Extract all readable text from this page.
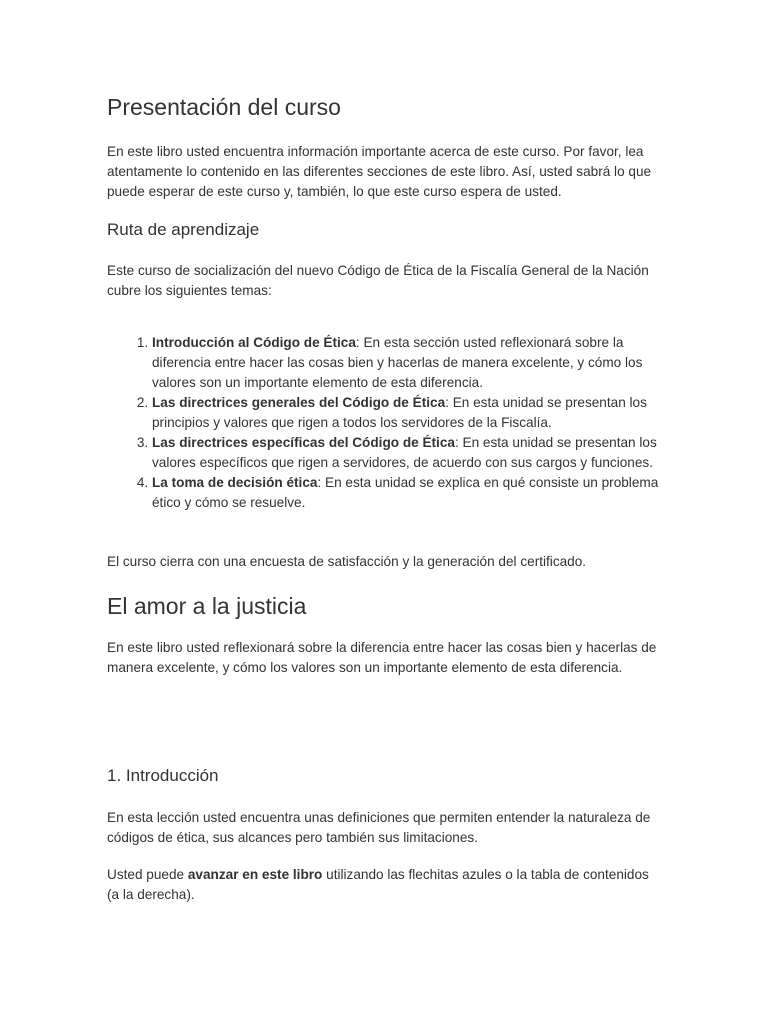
Presentación del curso

En este libro usted encuentra información importante acerca de este curso. Por favor, lea atentamente lo contenido en las diferentes secciones de este libro. Así, usted sabrá lo que puede esperar de este curso y, también, lo que este curso espera de usted.

Ruta de aprendizaje

Este curso de socialización del nuevo Código de Ética de la Fiscalía General de la Nación cubre los siguientes temas:

1. Introducción al Código de Ética: En esta sección usted reflexionará sobre la diferencia entre hacer las cosas bien y hacerlas de manera excelente, y cómo los valores son un importante elemento de esta diferencia.
2. Las directrices generales del Código de Ética: En esta unidad se presentan los principios y valores que rigen a todos los servidores de la Fiscalía.
3. Las directrices específicas del Código de Ética: En esta unidad se presentan los valores específicos que rigen a servidores, de acuerdo con sus cargos y funciones.
4. La toma de decisión ética: En esta unidad se explica en qué consiste un problema ético y cómo se resuelve.

El curso cierra con una encuesta de satisfacción y la generación del certificado.

El amor a la justicia

En este libro usted reflexionará sobre la diferencia entre hacer las cosas bien y hacerlas de manera excelente, y cómo los valores son un importante elemento de esta diferencia.

1. Introducción

En esta lección usted encuentra unas definiciones que permiten entender la naturaleza de códigos de ética, sus alcances pero también sus limitaciones.

Usted puede avanzar en este libro utilizando las flechitas azules o la tabla de contenidos (a la derecha).
